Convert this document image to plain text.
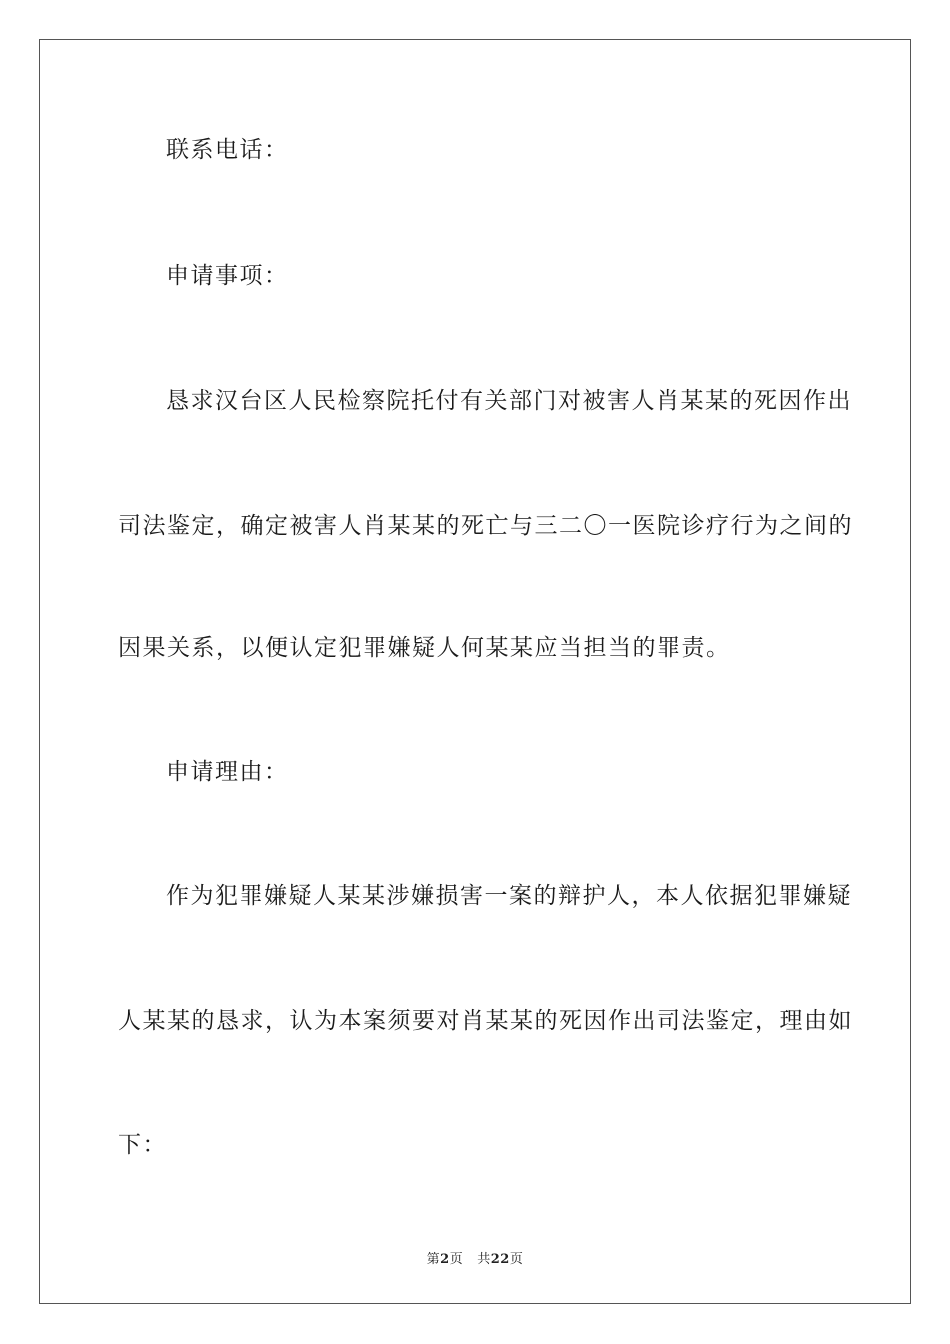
联系电话：
申请事项：
恳求汉台区人民检察院托付有关部门对被害人肖某某的死因作出
司法鉴定，确定被害人肖某某的死亡与三二〇一医院诊疗行为之间的
因果关系，以便认定犯罪嫌疑人何某某应当担当的罪责。
申请理由：
作为犯罪嫌疑人某某涉嫌损害一案的辩护人，本人依据犯罪嫌疑
人某某的恳求，认为本案须要对肖某某的死因作出司法鉴定，理由如
下：
第2页 共22页
